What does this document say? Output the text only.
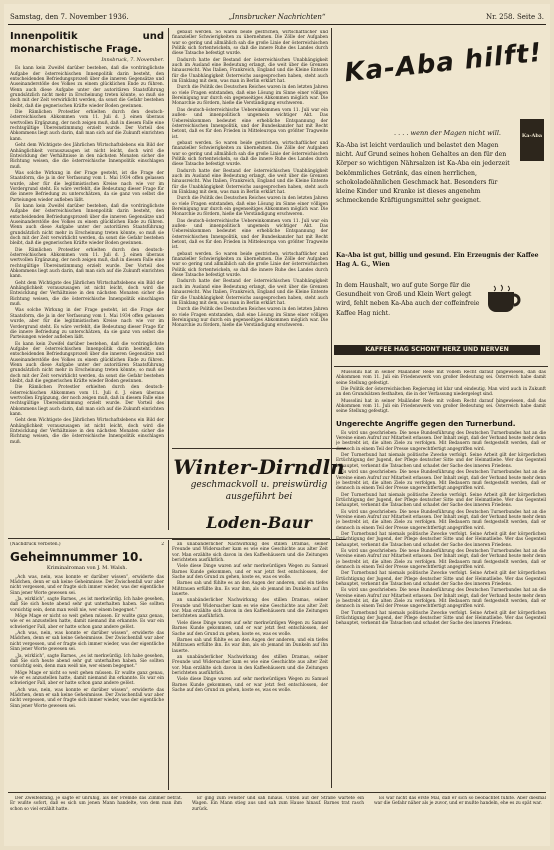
Samstag, den 7. November 1936.	„Innsbrucker Nachrichten“	Nr. 258. Seite 3.
Innenpolitik und monarchistische Frage.
Innsbruck, 7. November.

Es kann kein Zweifel darüber bestehen, daß die vordringlichste Aufgabe der österreichischen Innenpolitik darin besteht, den entscheidenden Befriedungsprozeß über die inneren Gegensätze und Auseinanderstöße des Volkes zu einem glücklichen Ende zu führen. Wenn auch diese Aufgabe unter der autoritären Staatsführung grundsätzlich nicht mehr in Erscheinung treten könnte, so muß sie doch mit der Zeit verwirklicht werden, da sonst die Gefahr bestehen bleibt, daß die gegnerischen Kräfte wieder Boden gewinnen.

Die Rämlichen Protestler erhielten durch den deutsch-österreichischen Abkommen vom 11. Juli d. J. einen überaus wertvollen Ergänzung, der noch zeigen muß, daß in diesem Falle eine rechtsgültige Übereinstimmung erzielt wurde. Der Vorteil des Abkommens liegt auch darin, daß man sich auf die Zukunft einrichten kann.

Geht dem Wichtigste des Jährlichen Wirtschaftslebens ein Bild der Anhänglichkeit vorauszusagen ist nicht leicht, doch wird die Entwicklung der Verhältnisse in den nächsten Monaten sicher die Richtung weisen, die die österreichische Innenpolitik einschlagen muß.

Was solche Wirkung in der Frage gesteht, ist die Frage der Staatsform, die ja in der Verfassung vom 1. Mai 1934 offen gelassen wurde, aber für die legitimistischen Kreise nach wie vor im Vordergrund steht. Es wäre verfehlt, die Bedeutung dieser Frage für die innere Befriedung zu unterschätzen, da sie ganz von selbst die Parteiungen wieder aufleben läßt.

Es kann kein Zweifel darüber bestehen, daß die vordringlichste Aufgabe der österreichischen Innenpolitik darin besteht, den entscheidenden Befriedungsprozeß über die inneren Gegensätze und Auseinanderstöße des Volkes zu einem glücklichen Ende zu führen. Wenn auch diese Aufgabe unter der autoritären Staatsführung grundsätzlich nicht mehr in Erscheinung treten könnte, so muß sie doch mit der Zeit verwirklicht werden, da sonst die Gefahr bestehen bleibt, daß die gegnerischen Kräfte wieder Boden gewinnen.

Die Rämlichen Protestler erhielten durch den deutsch-österreichischen Abkommen vom 11. Juli d. J. einen überaus wertvollen Ergänzung, der noch zeigen muß, daß in diesem Falle eine rechtsgültige Übereinstimmung erzielt wurde. Der Vorteil des Abkommens liegt auch darin, daß man sich auf die Zukunft einrichten kann.

Geht dem Wichtigste des Jährlichen Wirtschaftslebens ein Bild der Anhänglichkeit vorauszusagen ist nicht leicht, doch wird die Entwicklung der Verhältnisse in den nächsten Monaten sicher die Richtung weisen, die die österreichische Innenpolitik einschlagen muß.

Was solche Wirkung in der Frage gesteht, ist die Frage der Staatsform, die ja in der Verfassung vom 1. Mai 1934 offen gelassen wurde, aber für die legitimistischen Kreise nach wie vor im Vordergrund steht. Es wäre verfehlt, die Bedeutung dieser Frage für die innere Befriedung zu unterschätzen, da sie ganz von selbst die Parteiungen wieder aufleben läßt.

Es kann kein Zweifel darüber bestehen, daß die vordringlichste Aufgabe der österreichischen Innenpolitik darin besteht, den entscheidenden Befriedungsprozeß über die inneren Gegensätze und Auseinanderstöße des Volkes zu einem glücklichen Ende zu führen. Wenn auch diese Aufgabe unter der autoritären Staatsführung grundsätzlich nicht mehr in Erscheinung treten könnte, so muß sie doch mit der Zeit verwirklicht werden, da sonst die Gefahr bestehen bleibt, daß die gegnerischen Kräfte wieder Boden gewinnen.

Die Rämlichen Protestler erhielten durch den deutsch-österreichischen Abkommen vom 11. Juli d. J. einen überaus wertvollen Ergänzung, der noch zeigen muß, daß in diesem Falle eine rechtsgültige Übereinstimmung erzielt wurde. Der Vorteil des Abkommens liegt auch darin, daß man sich auf die Zukunft einrichten kann.

Geht dem Wichtigste des Jährlichen Wirtschaftslebens ein Bild der Anhänglichkeit vorauszusagen ist nicht leicht, doch wird die Entwicklung der Verhältnisse in den nächsten Monaten sicher die Richtung weisen, die die österreichische Innenpolitik einschlagen muß.

gebaut werden. So waren beide gestrichen, wirtschaftlicher und finanzieller Schwierigkeiten zu übernehmen. Die Zölle der Aufgaben war so gering und allmählich sah die große Linie der österreichischen Politik sich fortentwickeln, so daß die innere Ruhe des Landes durch diese Tatsache befestigt wurde.

Dadurch hatte der Bestand der österreichischen Unabhängigkeit auch im Ausland eine Bedeutung erlangt, die weit über die Grenzen hinausreicht. Was Italien, Frankreich, England und die Kleine Entente für die Unabhängigkeit Österreichs ausgesprochen haben, steht auch im Einklang mit dem, was man in Berlin erklärt hat.

Durch die Politik des Deutschen Reiches waren in den letzten Jahren so viele Fragen entstanden, daß eine Lösung im Sinne einer völligen Bereinigung nur durch ein gegenseitiges Abkommen möglich war. Die Monarchie zu fördern, hieße die Verständigung erschweren.

Das deutsch-österreichische Uebereinkommen vom 11. Juli war ein außen- und innenpolitisch ungemein wichtiger Akt. Das Uebereinkommen bedeutet eine erhebliche Entspannung der österreichischen Innenpolitik, und der Bundeskanzler hat mit Recht betont, daß es für den Frieden in Mitteleuropa von größter Tragweite ist.

gebaut werden. So waren beide gestrichen, wirtschaftlicher und finanzieller Schwierigkeiten zu übernehmen. Die Zölle der Aufgaben war so gering und allmählich sah die große Linie der österreichischen Politik sich fortentwickeln, so daß die innere Ruhe des Landes durch diese Tatsache befestigt wurde.

Dadurch hatte der Bestand der österreichischen Unabhängigkeit auch im Ausland eine Bedeutung erlangt, die weit über die Grenzen hinausreicht. Was Italien, Frankreich, England und die Kleine Entente für die Unabhängigkeit Österreichs ausgesprochen haben, steht auch im Einklang mit dem, was man in Berlin erklärt hat.

Durch die Politik des Deutschen Reiches waren in den letzten Jahren so viele Fragen entstanden, daß eine Lösung im Sinne einer völligen Bereinigung nur durch ein gegenseitiges Abkommen möglich war. Die Monarchie zu fördern, hieße die Verständigung erschweren.

Das deutsch-österreichische Uebereinkommen vom 11. Juli war ein außen- und innenpolitisch ungemein wichtiger Akt. Das Uebereinkommen bedeutet eine erhebliche Entspannung der österreichischen Innenpolitik, und der Bundeskanzler hat mit Recht betont, daß es für den Frieden in Mitteleuropa von größter Tragweite ist.

gebaut werden. So waren beide gestrichen, wirtschaftlicher und finanzieller Schwierigkeiten zu übernehmen. Die Zölle der Aufgaben war so gering und allmählich sah die große Linie der österreichischen Politik sich fortentwickeln, so daß die innere Ruhe des Landes durch diese Tatsache befestigt wurde.

Dadurch hatte der Bestand der österreichischen Unabhängigkeit auch im Ausland eine Bedeutung erlangt, die weit über die Grenzen hinausreicht. Was Italien, Frankreich, England und die Kleine Entente für die Unabhängigkeit Österreichs ausgesprochen haben, steht auch im Einklang mit dem, was man in Berlin erklärt hat.

Durch die Politik des Deutschen Reiches waren in den letzten Jahren so viele Fragen entstanden, daß eine Lösung im Sinne einer völligen Bereinigung nur durch ein gegenseitiges Abkommen möglich war. Die Monarchie zu fördern, hieße die Verständigung erschweren.

Ka-Aba hilft!
. . . . wenn der Magen nicht will.
Ka-Aba ist leicht verdaulich und belastet den Magen nicht. Auf Grund seines hohen Gehaltes an den für den Körper so wichtigen Nährsalzen ist Ka-Aba ein jederzeit bekömmliches Getränk, das einen herrlichen, schokoladeähnlichen Geschmack hat. Besonders für kleine Kinder und Kranke ist dieses angenehm schmeckende Kräftigungsmittel sehr geeignet.
Ka-Aba
Ka-Aba ist gut, billig und gesund. Ein Erzeugnis der Kaffee Hag A. G., Wien
In dem Haushalt, wo auf gute Sorge für die Gesundheit von Groß und Klein Wert gelegt wird, fehlt neben Ka-Aba auch der coffeinfreie Kaffee Hag nicht.
KAFFEE HAG SCHONT HERZ UND NERVEN

Mussolini hat in seiner Mailänder Rede mit vollem Recht darauf hingewiesen, daß das Abkommen vom 11. Juli ein Friedenswerk von großer Bedeutung sei. Österreich habe damit seine Stellung gefestigt.

Die Politik der österreichischen Regierung ist klar und eindeutig. Man wird auch in Zukunft an den Grundsätzen festhalten, die in der Verfassung niedergelegt sind.

Mussolini hat in seiner Mailänder Rede mit vollem Recht darauf hingewiesen, daß das Abkommen vom 11. Juli ein Friedenswerk von großer Bedeutung sei. Österreich habe damit seine Stellung gefestigt.

Ungerechte Angriffe gegen den Turnerbund.

Es wird uns geschrieben: Die neue Bundesführung des Deutschen Turnerbundes hat an die Vereine einen Aufruf zur Mitarbeit erlassen. Der Inhalt zeigt, daß der Verband heute mehr denn je bestrebt ist, die alten Ziele zu verfolgen. Mit Bedauern muß festgestellt werden, daß er dennoch in einem Teil der Presse ungerechtfertigt angegriffen wird.

Der Turnerbund hat niemals politische Zwecke verfolgt. Seine Arbeit gilt der körperlichen Ertüchtigung der Jugend, der Pflege deutscher Sitte und der Heimatliebe. Wer das Gegenteil behauptet, verkennt die Tatsachen und schadet der Sache des inneren Friedens.

Es wird uns geschrieben: Die neue Bundesführung des Deutschen Turnerbundes hat an die Vereine einen Aufruf zur Mitarbeit erlassen. Der Inhalt zeigt, daß der Verband heute mehr denn je bestrebt ist, die alten Ziele zu verfolgen. Mit Bedauern muß festgestellt werden, daß er dennoch in einem Teil der Presse ungerechtfertigt angegriffen wird.

Der Turnerbund hat niemals politische Zwecke verfolgt. Seine Arbeit gilt der körperlichen Ertüchtigung der Jugend, der Pflege deutscher Sitte und der Heimatliebe. Wer das Gegenteil behauptet, verkennt die Tatsachen und schadet der Sache des inneren Friedens.

Es wird uns geschrieben: Die neue Bundesführung des Deutschen Turnerbundes hat an die Vereine einen Aufruf zur Mitarbeit erlassen. Der Inhalt zeigt, daß der Verband heute mehr denn je bestrebt ist, die alten Ziele zu verfolgen. Mit Bedauern muß festgestellt werden, daß er dennoch in einem Teil der Presse ungerechtfertigt angegriffen wird.

Der Turnerbund hat niemals politische Zwecke verfolgt. Seine Arbeit gilt der körperlichen Ertüchtigung der Jugend, der Pflege deutscher Sitte und der Heimatliebe. Wer das Gegenteil behauptet, verkennt die Tatsachen und schadet der Sache des inneren Friedens.

Es wird uns geschrieben: Die neue Bundesführung des Deutschen Turnerbundes hat an die Vereine einen Aufruf zur Mitarbeit erlassen. Der Inhalt zeigt, daß der Verband heute mehr denn je bestrebt ist, die alten Ziele zu verfolgen. Mit Bedauern muß festgestellt werden, daß er dennoch in einem Teil der Presse ungerechtfertigt angegriffen wird.

Der Turnerbund hat niemals politische Zwecke verfolgt. Seine Arbeit gilt der körperlichen Ertüchtigung der Jugend, der Pflege deutscher Sitte und der Heimatliebe. Wer das Gegenteil behauptet, verkennt die Tatsachen und schadet der Sache des inneren Friedens.

Es wird uns geschrieben: Die neue Bundesführung des Deutschen Turnerbundes hat an die Vereine einen Aufruf zur Mitarbeit erlassen. Der Inhalt zeigt, daß der Verband heute mehr denn je bestrebt ist, die alten Ziele zu verfolgen. Mit Bedauern muß festgestellt werden, daß er dennoch in einem Teil der Presse ungerechtfertigt angegriffen wird.

Der Turnerbund hat niemals politische Zwecke verfolgt. Seine Arbeit gilt der körperlichen Ertüchtigung der Jugend, der Pflege deutscher Sitte und der Heimatliebe. Wer das Gegenteil behauptet, verkennt die Tatsachen und schadet der Sache des inneren Friedens.

Winter-Dirndln
geschmackvoll u. preiswürdig ausgeführt bei
Loden-Baur
(Nachdruck verboten.)	2
Geheimnummer 10.
Kriminalroman von J. M. Walsh.

„Ach was, nein, was konnte er darüber wissen“, erwiderte das Mädchen, denn er sah keine Geheimnisse. Der Zwischenfall war aber nicht vergessen, und er fragte sich immer wieder, was der eigentliche Sinn jener Worte gewesen sei.

„Ja, wirklich“, sagte Barnes, „es ist merkwürdig. Ich habe gesehen, daß Sie sich heute abend sehr gut unterhalten haben. Sie sollten vorsichtig sein, denn man weiß nie, wer einem begegnet.“

Möge Mage er nicht so weit gehen müssen. Er wußte ganz genau, wie er es anzustellen hatte, damit niemand ihn erkannte. Es war ein schwieriger Fall, aber er hatte schon ganz andere gelöst.

„Ach was, nein, was konnte er darüber wissen“, erwiderte das Mädchen, denn er sah keine Geheimnisse. Der Zwischenfall war aber nicht vergessen, und er fragte sich immer wieder, was der eigentliche Sinn jener Worte gewesen sei.

„Ja, wirklich“, sagte Barnes, „es ist merkwürdig. Ich habe gesehen, daß Sie sich heute abend sehr gut unterhalten haben. Sie sollten vorsichtig sein, denn man weiß nie, wer einem begegnet.“

Möge Mage er nicht so weit gehen müssen. Er wußte ganz genau, wie er es anzustellen hatte, damit niemand ihn erkannte. Es war ein schwieriger Fall, aber er hatte schon ganz andere gelöst.

„Ach was, nein, was konnte er darüber wissen“, erwiderte das Mädchen, denn er sah keine Geheimnisse. Der Zwischenfall war aber nicht vergessen, und er fragte sich immer wieder, was der eigentliche Sinn jener Worte gewesen sei.

an unabänderlicher Nachwirkung des stillen Dramas, seiner Freunde und Widersacher kam es wie eine Geschichte aus alter Zeit vor. Man erzählte sich davon in den Kaffeehäusern und die Zeitungen berichteten ausführlich.

Viele diese Dinge waren auf sehr merkwürdigen Wegen zu Samuel Barnes Kunde gekommen, und er war jetzt fest entschlossen, der Sache auf den Grund zu gehen, koste es, was es wolle.

Barnes sah und fühlte es an den Augen der anderen, und ein tiefes Mißtrauen erfüllte ihn. Es war ihm, als ob jemand im Dunkeln auf ihn lauerte.

an unabänderlicher Nachwirkung des stillen Dramas, seiner Freunde und Widersacher kam es wie eine Geschichte aus alter Zeit vor. Man erzählte sich davon in den Kaffeehäusern und die Zeitungen berichteten ausführlich.

Viele diese Dinge waren auf sehr merkwürdigen Wegen zu Samuel Barnes Kunde gekommen, und er war jetzt fest entschlossen, der Sache auf den Grund zu gehen, koste es, was es wolle.

Barnes sah und fühlte es an den Augen der anderen, und ein tiefes Mißtrauen erfüllte ihn. Es war ihm, als ob jemand im Dunkeln auf ihn lauerte.

an unabänderlicher Nachwirkung des stillen Dramas, seiner Freunde und Widersacher kam es wie eine Geschichte aus alter Zeit vor. Man erzählte sich davon in den Kaffeehäusern und die Zeitungen berichteten ausführlich.

Viele diese Dinge waren auf sehr merkwürdigen Wegen zu Samuel Barnes Kunde gekommen, und er war jetzt fest entschlossen, der Sache auf den Grund zu gehen, koste es, was es wolle.

Der Zweifelsfang, je sagte er unruhig, als der Fremde das Zimmer betrat. Er wußte sofort, daß es sich um jenen Mann handelte, von dem man ihm schon so viel erzählt hatte.

Er ging zum Fenster und sah hinaus. Unten auf der Straße wartete ein Wagen. Ein Mann stieg aus und sah zum Hause hinauf. Barnes trat rasch zurück.

Es war nicht das erste Mal, daß er sich so beobachtet fühlte. Aber diesmal war die Gefahr näher als je zuvor, und er mußte handeln, ehe es zu spät war.
